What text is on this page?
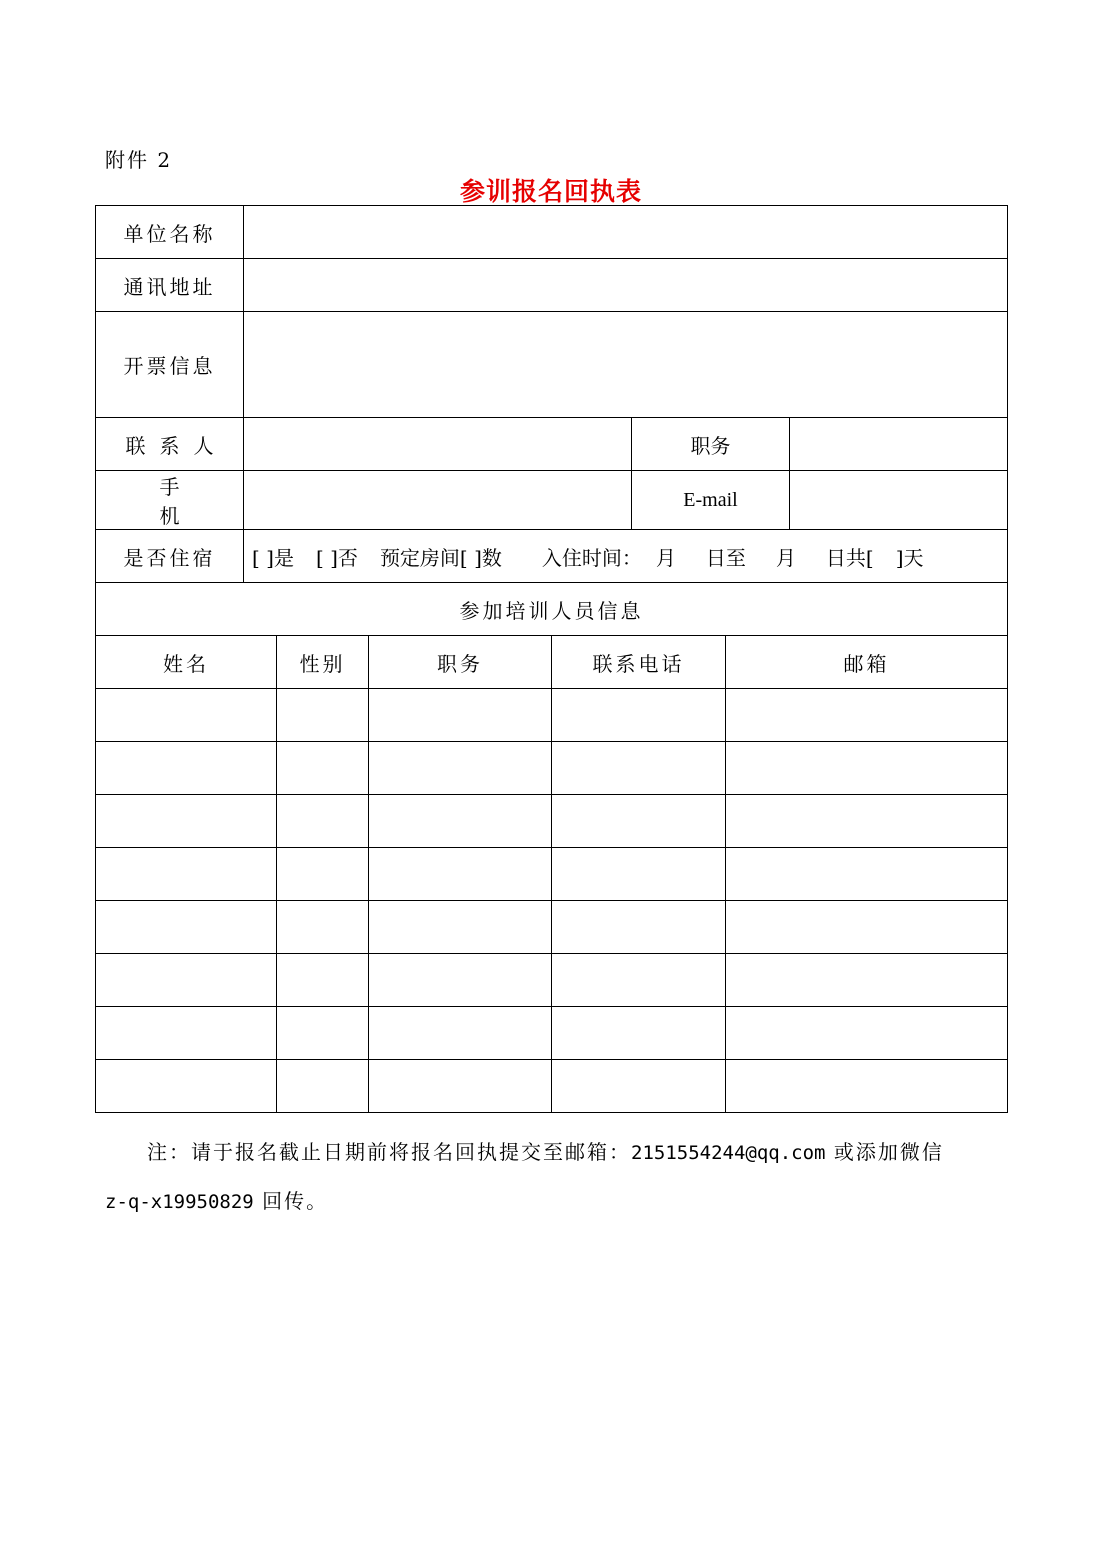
附件 2
参训报名回执表
单位名称							
通讯地址							
开票信息							
联系人					职务		
手机					E-mail		
是否住宿	[ ]是 [ ]否 预定房间[ ]数 入住时间： 月 日至 月 日共[ ]天						
参加培训人员信息							
姓名		性别	职务	联系电话		邮箱	

注：请于报名截止日期前将报名回执提交至邮箱：2151554244@qq.com 或添加微信
z-q-x19950829 回传。
